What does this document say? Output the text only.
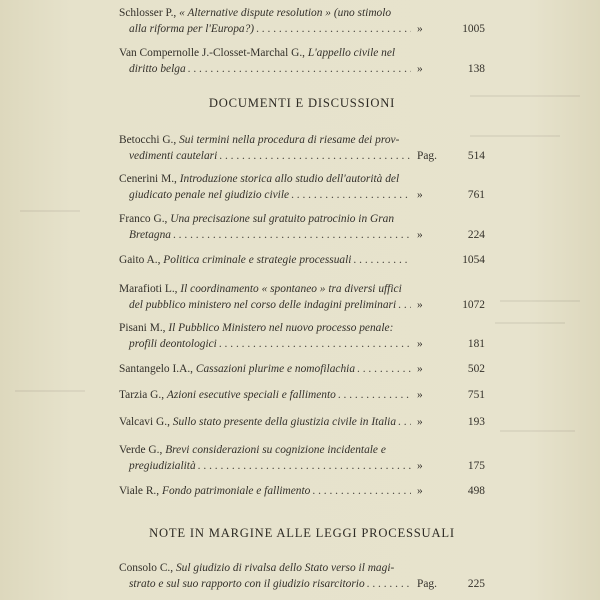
Schlosser P., « Alternative dispute resolution » (uno stimolo
alla riforma per l'Europa?) . . .	»	1005
Van Compernolle J.-Closset-Marchal G., L'appello civile nel
diritto belga . . .	»	138
DOCUMENTI E DISCUSSIONI
Betocchi G., Sui termini nella procedura di riesame dei prov-
vedimenti cautelari . . .	Pag.	514
Cenerini M., Introduzione storica allo studio dell'autorità del
giudicato penale nel giudizio civile . . .	»	761
Franco G., Una precisazione sul gratuito patrocinio in Gran
Bretagna . . .	»	224
Gaito A., Politica criminale e strategie processuali . . .	1054
Marafioti L., Il coordinamento « spontaneo » tra diversi uffici
del pubblico ministero nel corso delle indagini preliminari . . .	»	1072
Pisani M., Il Pubblico Ministero nel nuovo processo penale:
profili deontologici . . .	»	181
Santangelo I.A., Cassazioni plurime e nomofilachia . . .	»	502
Tarzia G., Azioni esecutive speciali e fallimento . . .	»	751
Valcavi G., Sullo stato presente della giustizia civile in Italia . . .	»	193
Verde G., Brevi considerazioni su cognizione incidentale e
pregiudizialità . . .	»	175
Viale R., Fondo patrimoniale e fallimento . . .	»	498
NOTE IN MARGINE ALLE LEGGI PROCESSUALI
Consolo C., Sul giudizio di rivalsa dello Stato verso il magi-
strato e sul suo rapporto con il giudizio risarcitorio . . .	Pag.	225
